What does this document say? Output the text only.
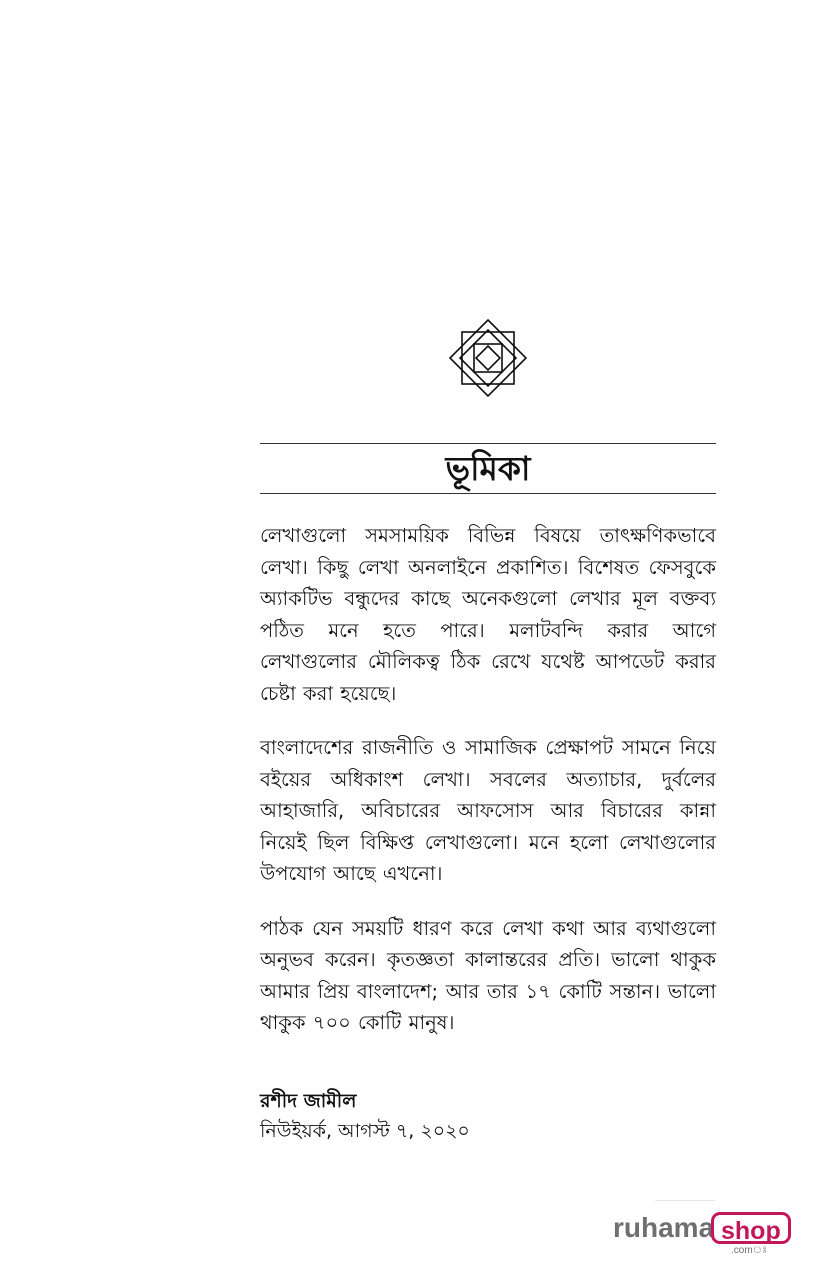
ভূমিকা

লেখাগুলো সমসাময়িক বিভিন্ন বিষয়ে তাৎক্ষণিকভাবে লেখা। কিছু লেখা অনলাইনে প্রকাশিত। বিশেষত ফেসবুকে অ্যাকটিভ বন্ধুদের কাছে অনেকগুলো লেখার মূল বক্তব্য পঠিত মনে হতে পারে। মলাটবন্দি করার আগে লেখাগুলোর মৌলিকত্ব ঠিক রেখে যথেষ্ট আপডেট করার চেষ্টা করা হয়েছে।

বাংলাদেশের রাজনীতি ও সামাজিক প্রেক্ষাপট সামনে নিয়ে বইয়ের অধিকাংশ লেখা। সবলের অত্যাচার, দুর্বলের আহাজারি, অবিচারের আফসোস আর বিচারের কান্না নিয়েই ছিল বিক্ষিপ্ত লেখাগুলো। মনে হলো লেখাগুলোর উপযোগ আছে এখনো।

পাঠক যেন সময়টি ধারণ করে লেখা কথা আর ব্যথাগুলো অনুভব করেন। কৃতজ্ঞতা কালান্তরের প্রতি। ভালো থাকুক আমার প্রিয় বাংলাদেশ; আর তার ১৭ কোটি সন্তান। ভালো থাকুক ৭০০ কোটি মানুষ।

রশীদ জামীল

নিউইয়র্ক, আগস্ট ৭, ২০২০

ruhama shop
.comঃ
